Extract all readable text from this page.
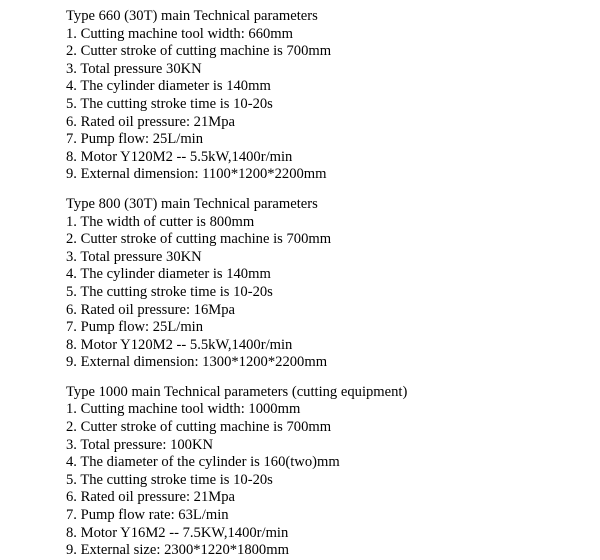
Type 660 (30T) main Technical parameters
1. Cutting machine tool width: 660mm
2. Cutter stroke of cutting machine is 700mm
3. Total pressure 30KN
4. The cylinder diameter is 140mm
5. The cutting stroke time is 10-20s
6. Rated oil pressure: 21Mpa
7. Pump flow: 25L/min
8. Motor Y120M2 -- 5.5kW,1400r/min
9. External dimension: 1100*1200*2200mm
Type 800 (30T) main Technical parameters
1. The width of cutter is 800mm
2. Cutter stroke of cutting machine is 700mm
3. Total pressure 30KN
4. The cylinder diameter is 140mm
5. The cutting stroke time is 10-20s
6. Rated oil pressure: 16Mpa
7. Pump flow: 25L/min
8. Motor Y120M2 -- 5.5kW,1400r/min
9. External dimension: 1300*1200*2200mm
Type 1000 main Technical parameters (cutting equipment)
1. Cutting machine tool width: 1000mm
2. Cutter stroke of cutting machine is 700mm
3. Total pressure: 100KN
4. The diameter of the cylinder is 160(two)mm
5. The cutting stroke time is 10-20s
6. Rated oil pressure: 21Mpa
7. Pump flow rate: 63L/min
8. Motor Y16M2 -- 7.5KW,1400r/min
9. External size: 2300*1220*1800mm
